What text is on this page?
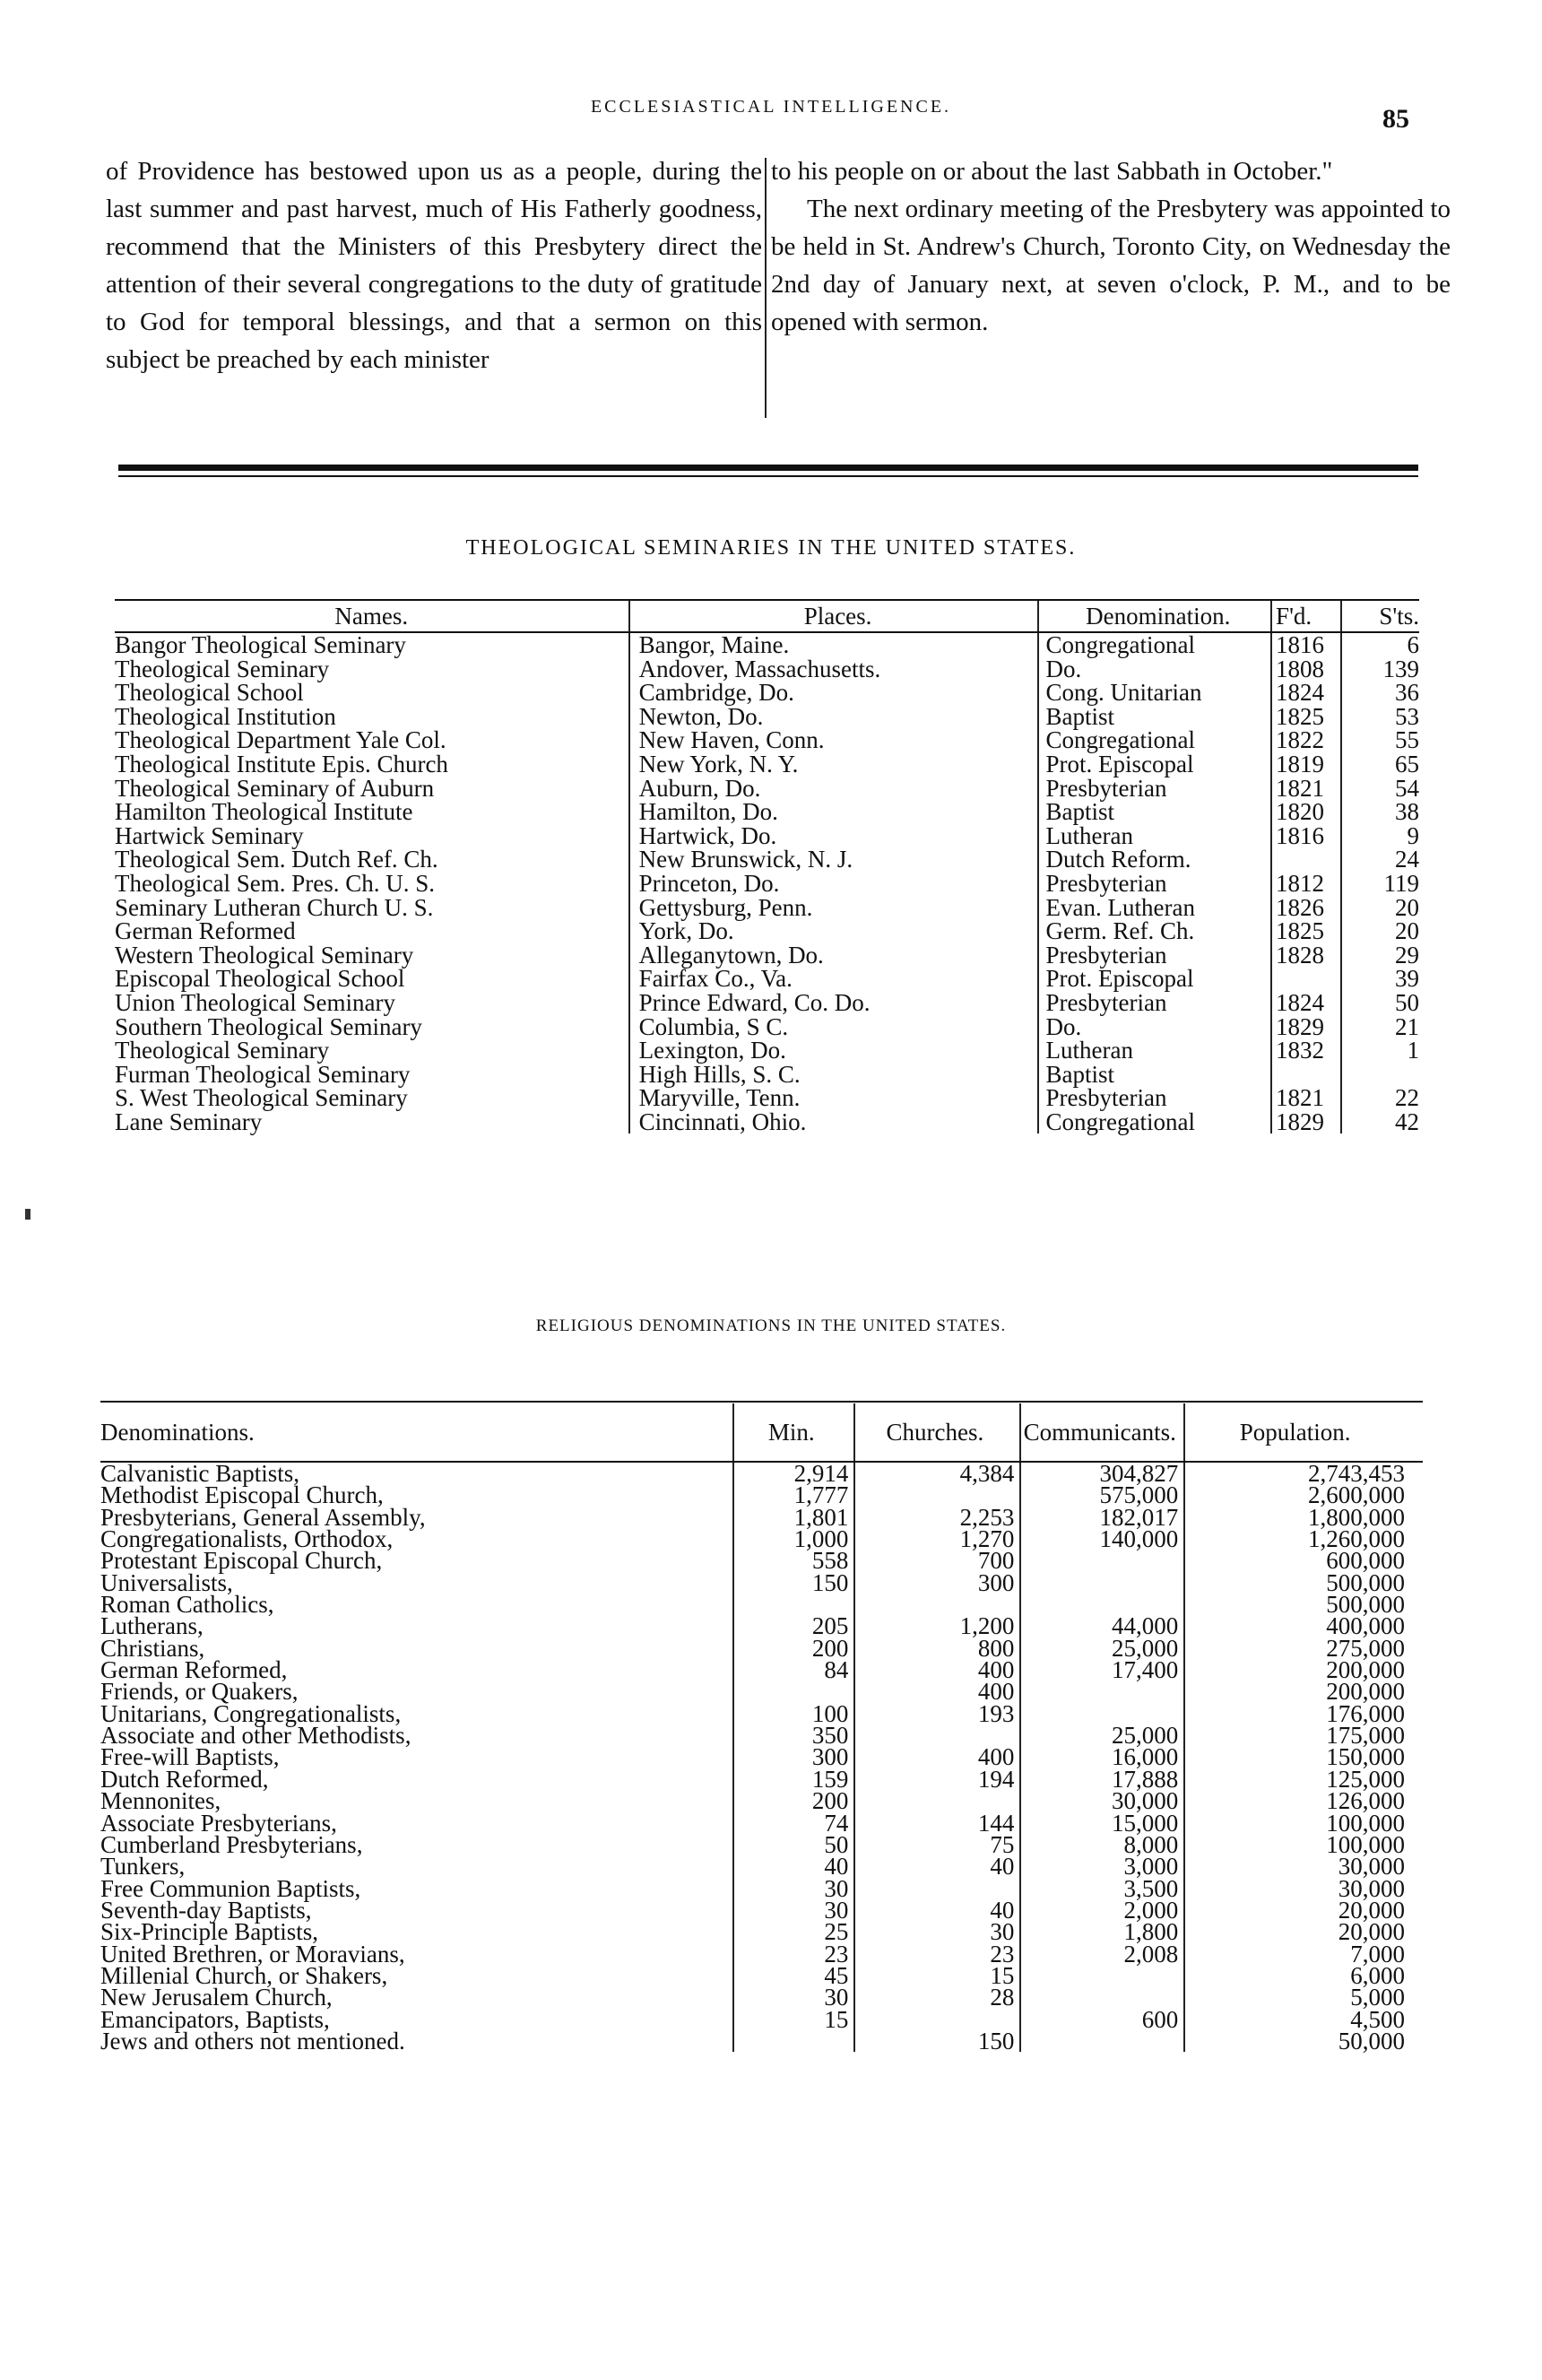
ECCLESIASTICAL INTELLIGENCE.	85
of Providence has bestowed upon us as a people, during the last summer and past harvest, much of His Fatherly goodness, recommend that the Ministers of this Presbytery direct the attention of their several congregations to the duty of gratitude to God for temporal blessings, and that a sermon on this subject be preached by each minister
to his people on or about the last Sabbath in October."
The next ordinary meeting of the Presbytery was appointed to be held in St. Andrew's Church, Toronto City, on Wednesday the 2nd day of January next, at seven o'clock, P. M., and to be opened with sermon.
THEOLOGICAL SEMINARIES IN THE UNITED STATES.
Names.	Places.	Denomination.	F'd.	S'ts.
Bangor Theological Seminary	Bangor, Maine.	Congregational	1816	6
Theological Seminary	Andover, Massachusetts.	Do.	1808	139
Theological School	Cambridge, Do.	Cong. Unitarian	1824	36
Theological Institution	Newton, Do.	Baptist	1825	53
Theological Department Yale Col.	New Haven, Conn.	Congregational	1822	55
Theological Institute Epis. Church	New York, N. Y.	Prot. Episcopal	1819	65
Theological Seminary of Auburn	Auburn, Do.	Presbyterian	1821	54
Hamilton Theological Institute	Hamilton, Do.	Baptist	1820	38
Hartwick Seminary	Hartwick, Do.	Lutheran	1816	9
Theological Sem. Dutch Ref. Ch.	New Brunswick, N. J.	Dutch Reform.		24
Theological Sem. Pres. Ch. U. S.	Princeton, Do.	Presbyterian	1812	119
Seminary Lutheran Church U. S.	Gettysburg, Penn.	Evan. Lutheran	1826	20
German Reformed	York, Do.	Germ. Ref. Ch.	1825	20
Western Theological Seminary	Alleganytown, Do.	Presbyterian	1828	29
Episcopal Theological School	Fairfax Co., Va.	Prot. Episcopal		39
Union Theological Seminary	Prince Edward, Co. Do.	Presbyterian	1824	50
Southern Theological Seminary	Columbia, S C.	Do.	1829	21
Theological Seminary	Lexington, Do.	Lutheran	1832	1
Furman Theological Seminary	High Hills, S. C.	Baptist		
S. West Theological Seminary	Maryville, Tenn.	Presbyterian	1821	22
Lane Seminary	Cincinnati, Ohio.	Congregational	1829	42
RELIGIOUS DENOMINATIONS IN THE UNITED STATES.
Denominations.	Min.	Churches.	Communicants.	Population.
Calvanistic Baptists,	2,914	4,384	304,827	2,743,453
Methodist Episcopal Church,	1,777		575,000	2,600,000
Presbyterians, General Assembly,	1,801	2,253	182,017	1,800,000
Congregationalists, Orthodox,	1,000	1,270	140,000	1,260,000
Protestant Episcopal Church,	558	700		600,000
Universalists,	150	300		500,000
Roman Catholics,				500,000
Lutherans,	205	1,200	44,000	400,000
Christians,	200	800	25,000	275,000
German Reformed,	84	400	17,400	200,000
Friends, or Quakers,		400		200,000
Unitarians, Congregationalists,	100	193		176,000
Associate and other Methodists,	350		25,000	175,000
Free-will Baptists,	300	400	16,000	150,000
Dutch Reformed,	159	194	17,888	125,000
Mennonites,	200		30,000	126,000
Associate Presbyterians,	74	144	15,000	100,000
Cumberland Presbyterians,	50	75	8,000	100,000
Tunkers,	40	40	3,000	30,000
Free Communion Baptists,	30		3,500	30,000
Seventh-day Baptists,	30	40	2,000	20,000
Six-Principle Baptists,	25	30	1,800	20,000
United Brethren, or Moravians,	23	23	2,008	7,000
Millenial Church, or Shakers,	45	15		6,000
New Jerusalem Church,	30	28		5,000
Emancipators, Baptists,	15		600	4,500
Jews and others not mentioned.		150		50,000
